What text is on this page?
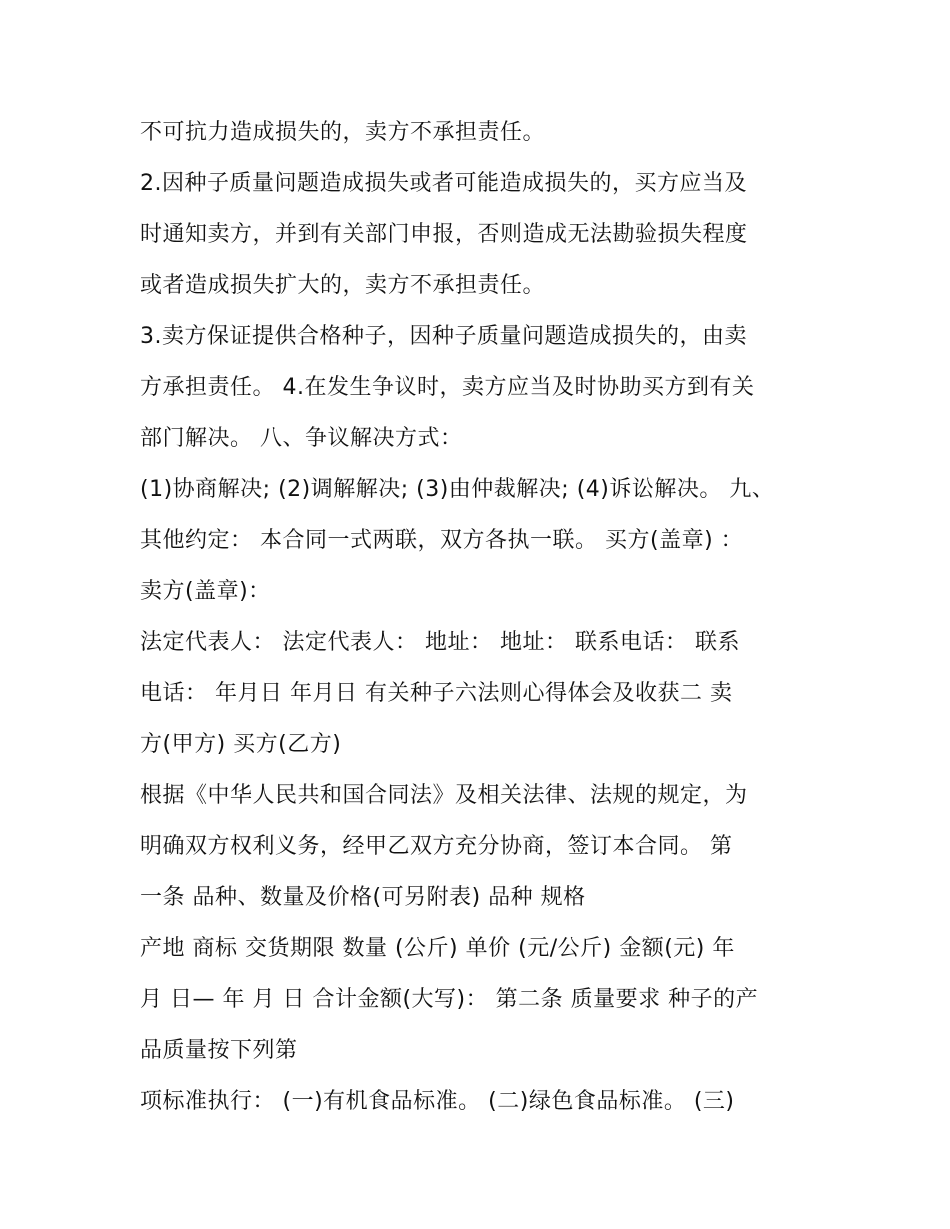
不可抗力造成损失的，卖方不承担责任。
2.因种子质量问题造成损失或者可能造成损失的，买方应当及
时通知卖方，并到有关部门申报，否则造成无法勘验损失程度
或者造成损失扩大的，卖方不承担责任。
3.卖方保证提供合格种子，因种子质量问题造成损失的，由卖
方承担责任。 4.在发生争议时，卖方应当及时协助买方到有关
部门解决。 八、争议解决方式：
(1)协商解决; (2)调解解决; (3)由仲裁解决; (4)诉讼解决。 九、
其他约定： 本合同一式两联，双方各执一联。 买方(盖章) ：
卖方(盖章)：
法定代表人： 法定代表人： 地址： 地址： 联系电话： 联系
电话： 年月日 年月日 有关种子六法则心得体会及收获二 卖
方(甲方) 买方(乙方)
根据《中华人民共和国合同法》及相关法律、法规的规定，为
明确双方权利义务，经甲乙双方充分协商，签订本合同。 第
一条 品种、数量及价格(可另附表) 品种 规格
产地 商标 交货期限 数量 (公斤) 单价 (元/公斤) 金额(元) 年
月 日— 年 月 日 合计金额(大写)： 第二条 质量要求 种子的产
品质量按下列第
项标准执行： (一)有机食品标准。 (二)绿色食品标准。 (三)
